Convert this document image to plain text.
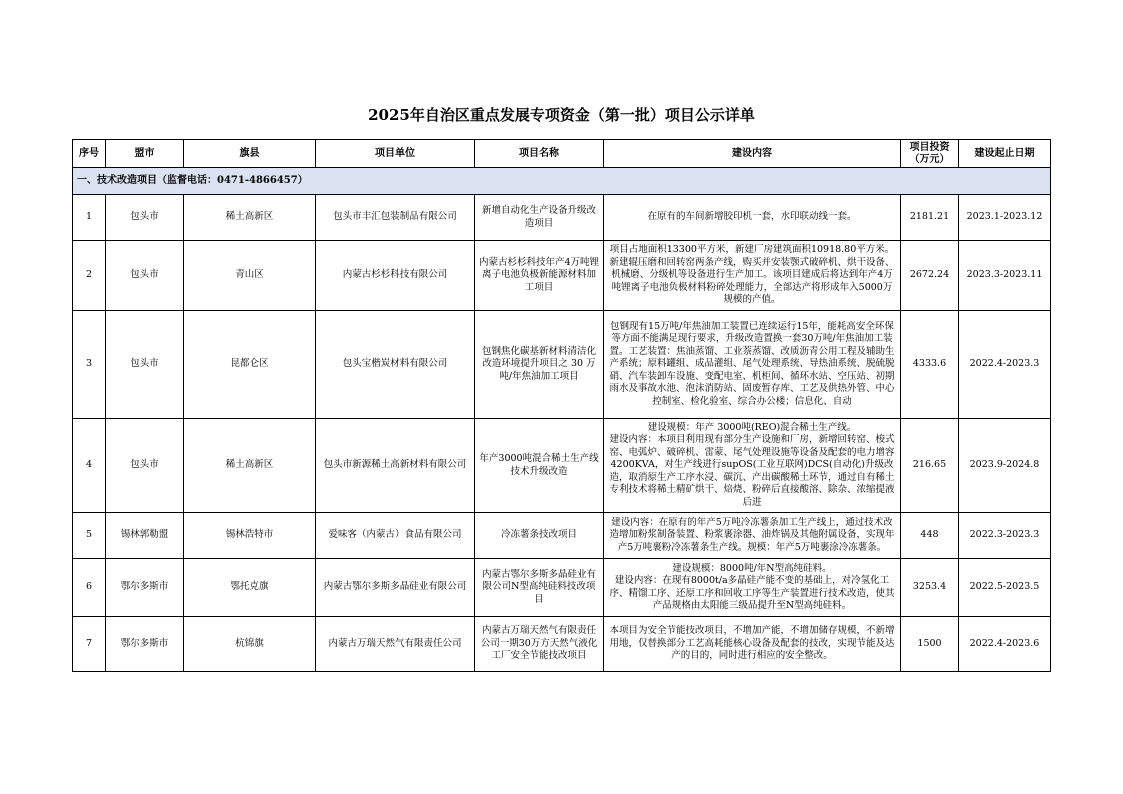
2025年自治区重点发展专项资金（第一批）项目公示详单
序号	盟市	旗县	项目单位	项目名称	建设内容	项目投资（万元）	建设起止日期
一、技术改造项目（监督电话：0471-4866457）							
1	包头市	稀土高新区	包头市丰汇包装制品有限公司	新增自动化生产设备升级改造项目	在原有的车间新增胶印机一套，水印联动线一套。	2181.21	2023.1-2023.12
2	包头市	青山区	内蒙古杉杉科技有限公司	内蒙古杉杉科技年产4万吨锂离子电池负极新能源材料加工项目	项目占地面积13300平方米，新建厂房建筑面积10918.80平方米。新建辊压磨和回转窑两条产线，购买并安装颚式破碎机、烘干设备、机械磨、分级机等设备进行生产加工。该项目建成后将达到年产4万吨锂离子电池负极材料粉碎处理能力，全部达产将形成年入5000万规模的产值。	2672.24	2023.3-2023.11
3	包头市	昆都仑区	包头宝楷炭材料有限公司	包钢焦化碳基新材料清洁化改造环境提升项目之 30 万吨/年焦油加工项目	包钢现有15万吨/年焦油加工装置已连续运行15年，能耗高安全环保等方面不能满足现行要求，升级改造置换一套30万吨/年焦油加工装置。工艺装置：焦油蒸馏、工业萘蒸馏、改质沥青公用工程及辅助生产系统；原料罐组、成品灌组、尾气处理系统、导热油系统、脱硫脱硝、汽车装卸车设施、变配电室、机柜间、循环水站、空压站、初期雨水及事故水池、泡沫消防站、固废暂存库、工艺及供热外管、中心控制室、检化验室、综合办公楼；信息化、自动	4333.6	2022.4-2023.3
4	包头市	稀土高新区	包头市新源稀土高新材料有限公司	年产3000吨混合稀土生产线技术升级改造	建设规模：年产 3000吨(REO)混合稀土生产线。
建设内容：本项目利用现有部分生产设施和厂房，新增回转窑、梭式窑、电弧炉、破碎机、雷蒙、尾气处理设施等设备及配套的电力增容 4200KVA，对生产线进行supOS(工业互联网)DCS(自动化)升级改造，取消原生产工序水浸、碳沉、产出碳酸稀土环节，通过自有稀土专利技术将稀土精矿烘干、焙烧、粉碎后直接酸溶、除杂、浓缩提液后进	216.65	2023.9-2024.8
5	锡林郭勒盟	锡林浩特市	爱味客（内蒙古）食品有限公司	冷冻薯条技改项目	建设内容：在原有的年产5万吨冷冻薯条加工生产线上，通过技术改造增加粉浆制备装置、粉浆裹涂器、油炸锅及其他附属设备，实现年产5万吨裹粉冷冻薯条生产线。规模：年产5万吨裹涂冷冻薯条。	448	2022.3-2023.3
6	鄂尔多斯市	鄂托克旗	内蒙古鄂尔多斯多晶硅业有限公司	内蒙古鄂尔多斯多晶硅业有限公司N型高纯硅料技改项目	建设规模：8000吨/年N型高纯硅料。
建设内容：在现有8000t/a多晶硅产能不变的基础上，对冷氢化工序、精馏工序、还原工序和回收工序等生产装置进行技术改造，使其产品规格由太阳能三级品提升至N型高纯硅料。	3253.4	2022.5-2023.5
7	鄂尔多斯市	杭锦旗	内蒙古万瑞天然气有限责任公司	内蒙古万瑞天然气有限责任公司一期30万方天然气液化工厂安全节能技改项目	本项目为安全节能技改项目，不增加产能，不增加储存规模，不新增用地，仅替换部分工艺高耗能核心设备及配套的技改，实现节能及达产的目的，同时进行相应的安全整改。	1500	2022.4-2023.6
